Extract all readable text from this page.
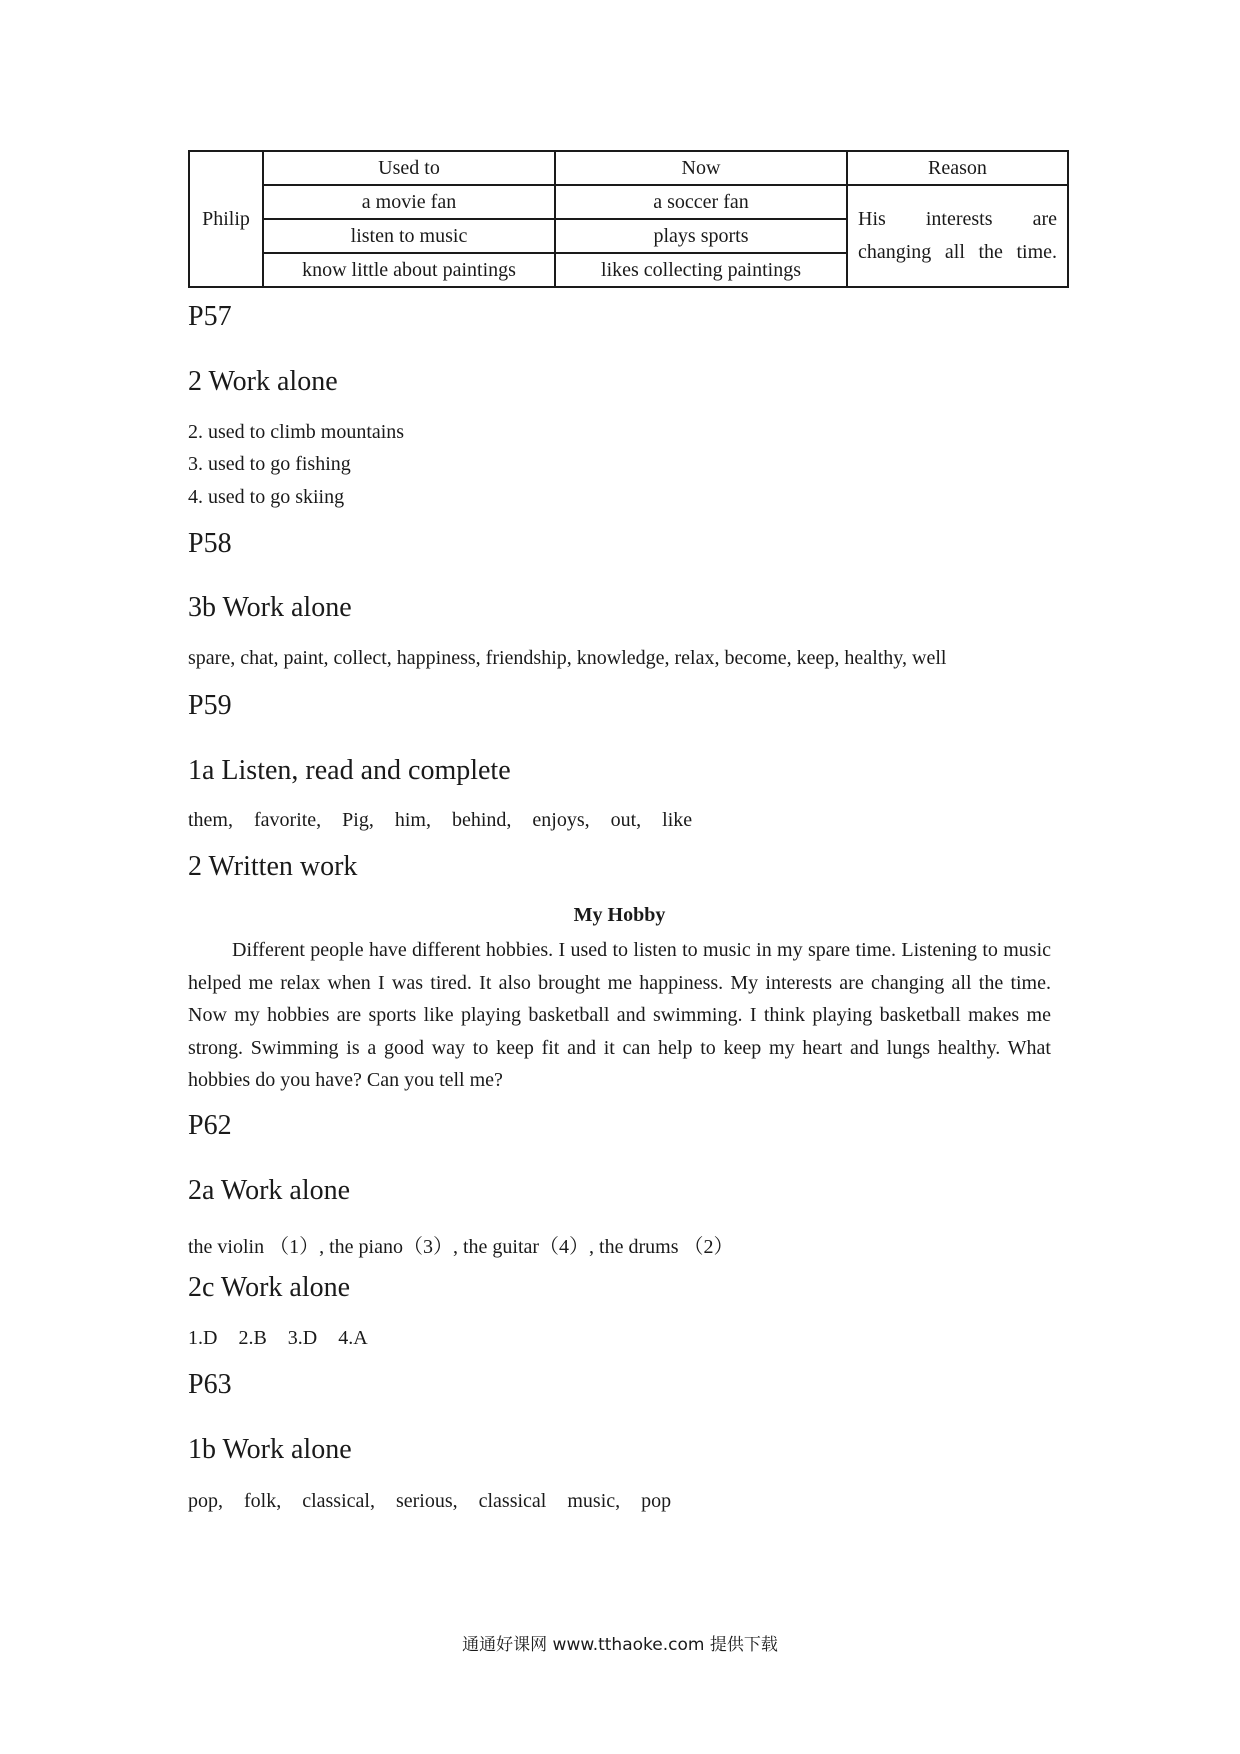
Philip	Used to	Now	Reason
	a movie fan	a soccer fan	His interests are changing all the time.
	listen to music	plays sports	
	know little about paintings	likes collecting paintings	
P57
2 Work alone
2. used to climb mountains
3. used to go fishing
4. used to go skiing
P58
3b Work alone
spare, chat, paint, collect, happiness, friendship, knowledge, relax, become, keep, healthy, well
P59
1a Listen, read and complete
them, favorite, Pig, him, behind, enjoys, out, like
2 Written work
My Hobby

Different people have different hobbies. I used to listen to music in my spare time. Listening to music helped me relax when I was tired. It also brought me happiness. My interests are changing all the time. Now my hobbies are sports like playing basketball and swimming. I think playing basketball makes me strong. Swimming is a good way to keep fit and it can help to keep my heart and lungs healthy. What hobbies do you have? Can you tell me?

P62
2a Work alone
the violin （1）, the piano（3）, the guitar（4）, the drums （2）
2c Work alone
1.D 2.B 3.D 4.A
P63
1b Work alone
pop, folk, classical, serious, classical music, pop
通通好课网 www.tthaoke.com 提供下载
